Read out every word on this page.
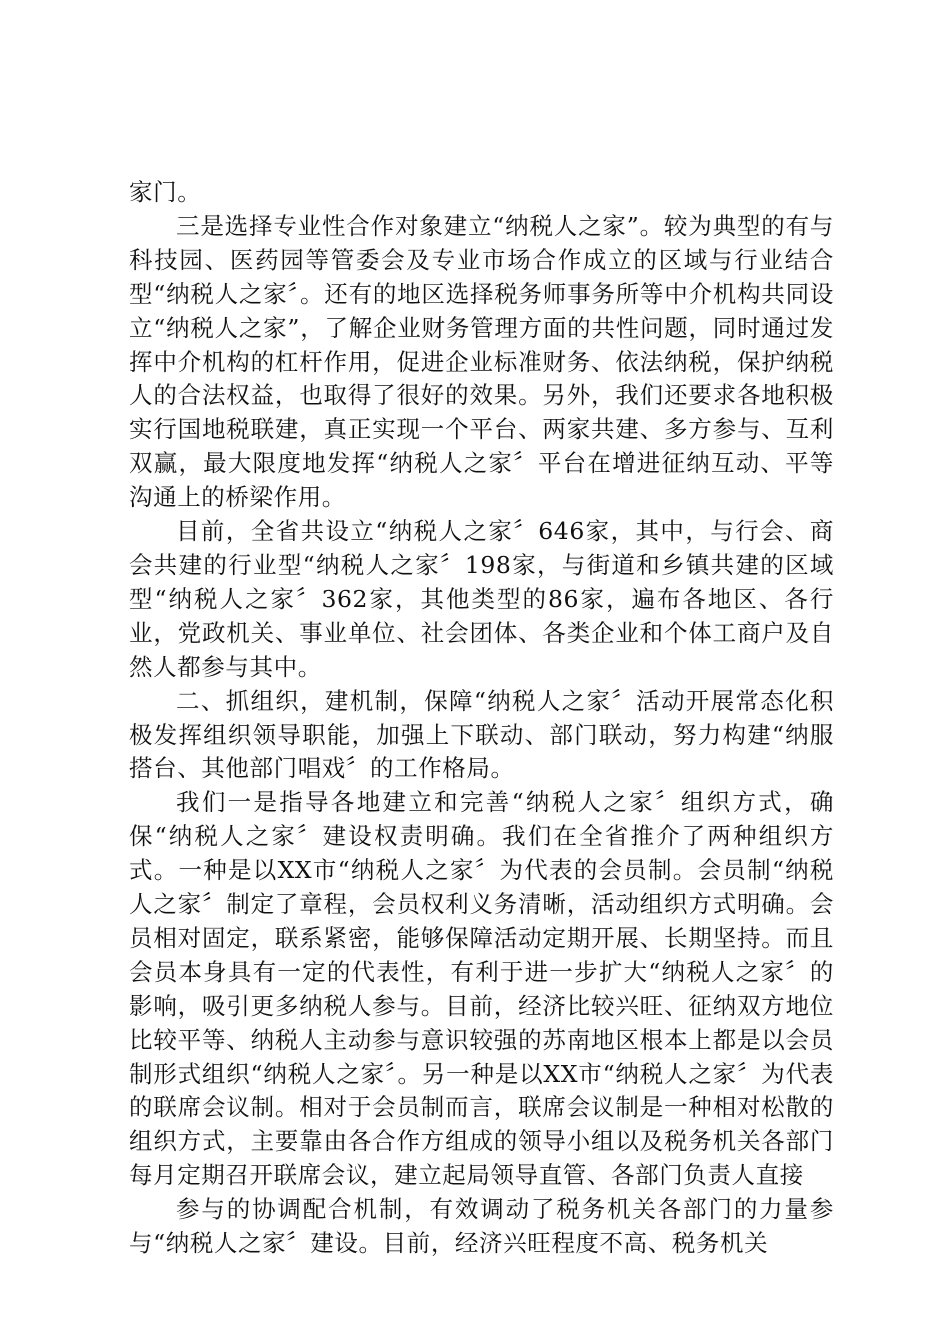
家门。

三是选择专业性合作对象建立“纳税人之家”。较为典型的有与科技园、医药园等管委会及专业市场合作成立的区域与行业结合型“纳税人之家〞。还有的地区选择税务师事务所等中介机构共同设立“纳税人之家”，了解企业财务管理方面的共性问题，同时通过发挥中介机构的杠杆作用，促进企业标准财务、依法纳税，保护纳税人的合法权益，也取得了很好的效果。另外，我们还要求各地积极实行国地税联建，真正实现一个平台、两家共建、多方参与、互利双赢，最大限度地发挥“纳税人之家〞平台在增进征纳互动、平等沟通上的桥梁作用。

目前，全省共设立“纳税人之家〞646家，其中，与行会、商会共建的行业型“纳税人之家〞198家，与街道和乡镇共建的区域型“纳税人之家〞362家，其他类型的86家，遍布各地区、各行业，党政机关、事业单位、社会团体、各类企业和个体工商户及自然人都参与其中。

二、抓组织，建机制，保障“纳税人之家〞活动开展常态化积极发挥组织领导职能，加强上下联动、部门联动，努力构建“纳服搭台、其他部门唱戏〞的工作格局。

我们一是指导各地建立和完善“纳税人之家〞组织方式，确保“纳税人之家〞建设权责明确。我们在全省推介了两种组织方式。一种是以XX市“纳税人之家〞为代表的会员制。会员制“纳税人之家〞制定了章程，会员权利义务清晰，活动组织方式明确。会员相对固定，联系紧密，能够保障活动定期开展、长期坚持。而且会员本身具有一定的代表性，有利于进一步扩大“纳税人之家〞的影响，吸引更多纳税人参与。目前，经济比较兴旺、征纳双方地位比较平等、纳税人主动参与意识较强的苏南地区根本上都是以会员制形式组织“纳税人之家〞。另一种是以XX市“纳税人之家〞为代表的联席会议制。相对于会员制而言，联席会议制是一种相对松散的组织方式，主要靠由各合作方组成的领导小组以及税务机关各部门每月定期召开联席会议，建立起局领导直管、各部门负责人直接

参与的协调配合机制，有效调动了税务机关各部门的力量参与“纳税人之家〞建设。目前，经济兴旺程度不高、税务机关
